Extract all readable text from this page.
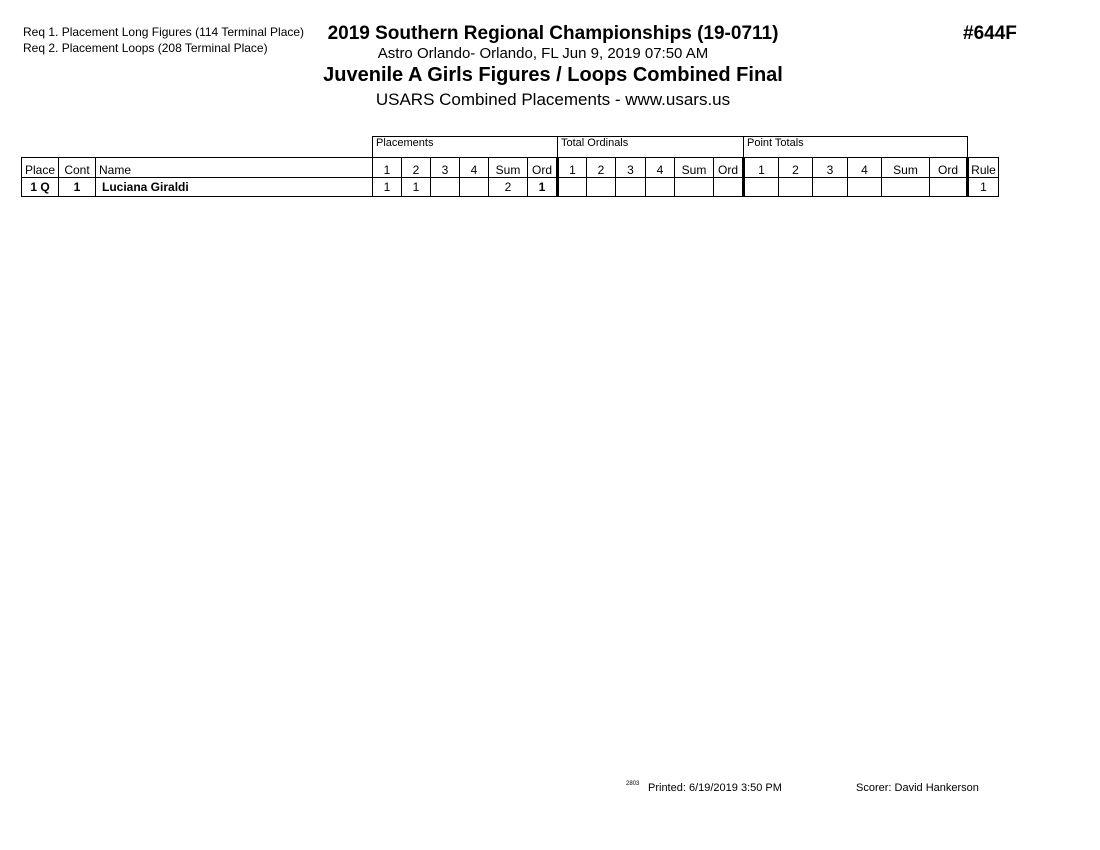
Req 1. Placement Long Figures (114 Terminal Place)
Req 2. Placement Loops (208 Terminal Place)
2019 Southern Regional Championships (19-0711)
Astro Orlando- Orlando, FL Jun 9, 2019 07:50 AM
Juvenile A Girls Figures / Loops Combined Final
USARS Combined Placements - www.usars.us
#644F
			Placements						Total Ordinals						Point Totals						
Place	Cont	Name	1	2	3	4	Sum	Ord	1	2	3	4	Sum	Ord	1	2	3	4	Sum	Ord	Rule
1 Q	1	Luciana Giraldi	1	1			2	1													1
2803 Printed: 6/19/2019 3:50 PM	Scorer: David Hankerson
